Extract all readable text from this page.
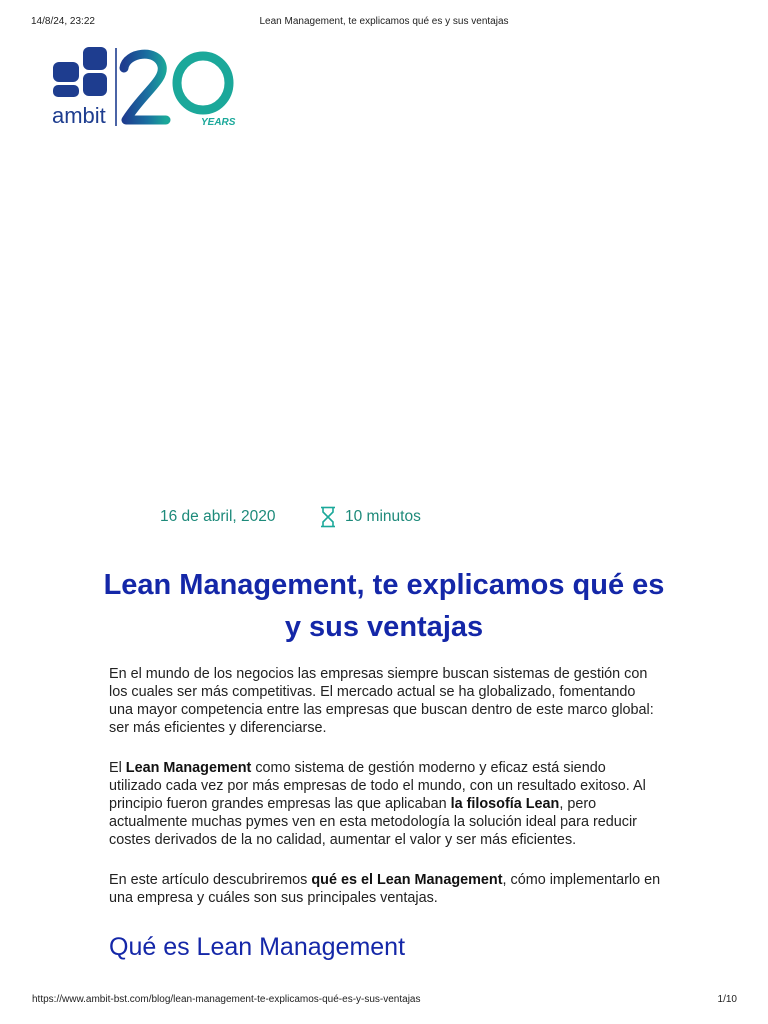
14/8/24, 23:22	Lean Management, te explicamos qué es y sus ventajas
ambit	YEARS
16 de abril, 2020	10 minutos
Lean Management, te explicamos qué es y sus ventajas

En el mundo de los negocios las empresas siempre buscan sistemas de gestión con los cuales ser más competitivas. El mercado actual se ha globalizado, fomentando una mayor competencia entre las empresas que buscan dentro de este marco global: ser más eficientes y diferenciarse.

El Lean Management como sistema de gestión moderno y eficaz está siendo utilizado cada vez por más empresas de todo el mundo, con un resultado exitoso. Al principio fueron grandes empresas las que aplicaban la filosofía Lean, pero actualmente muchas pymes ven en esta metodología la solución ideal para reducir costes derivados de la no calidad, aumentar el valor y ser más eficientes.

En este artículo descubriremos qué es el Lean Management, cómo implementarlo en una empresa y cuáles son sus principales ventajas.

Qué es Lean Management
https://www.ambit-bst.com/blog/lean-management-te-explicamos-qué-es-y-sus-ventajas	1/10
